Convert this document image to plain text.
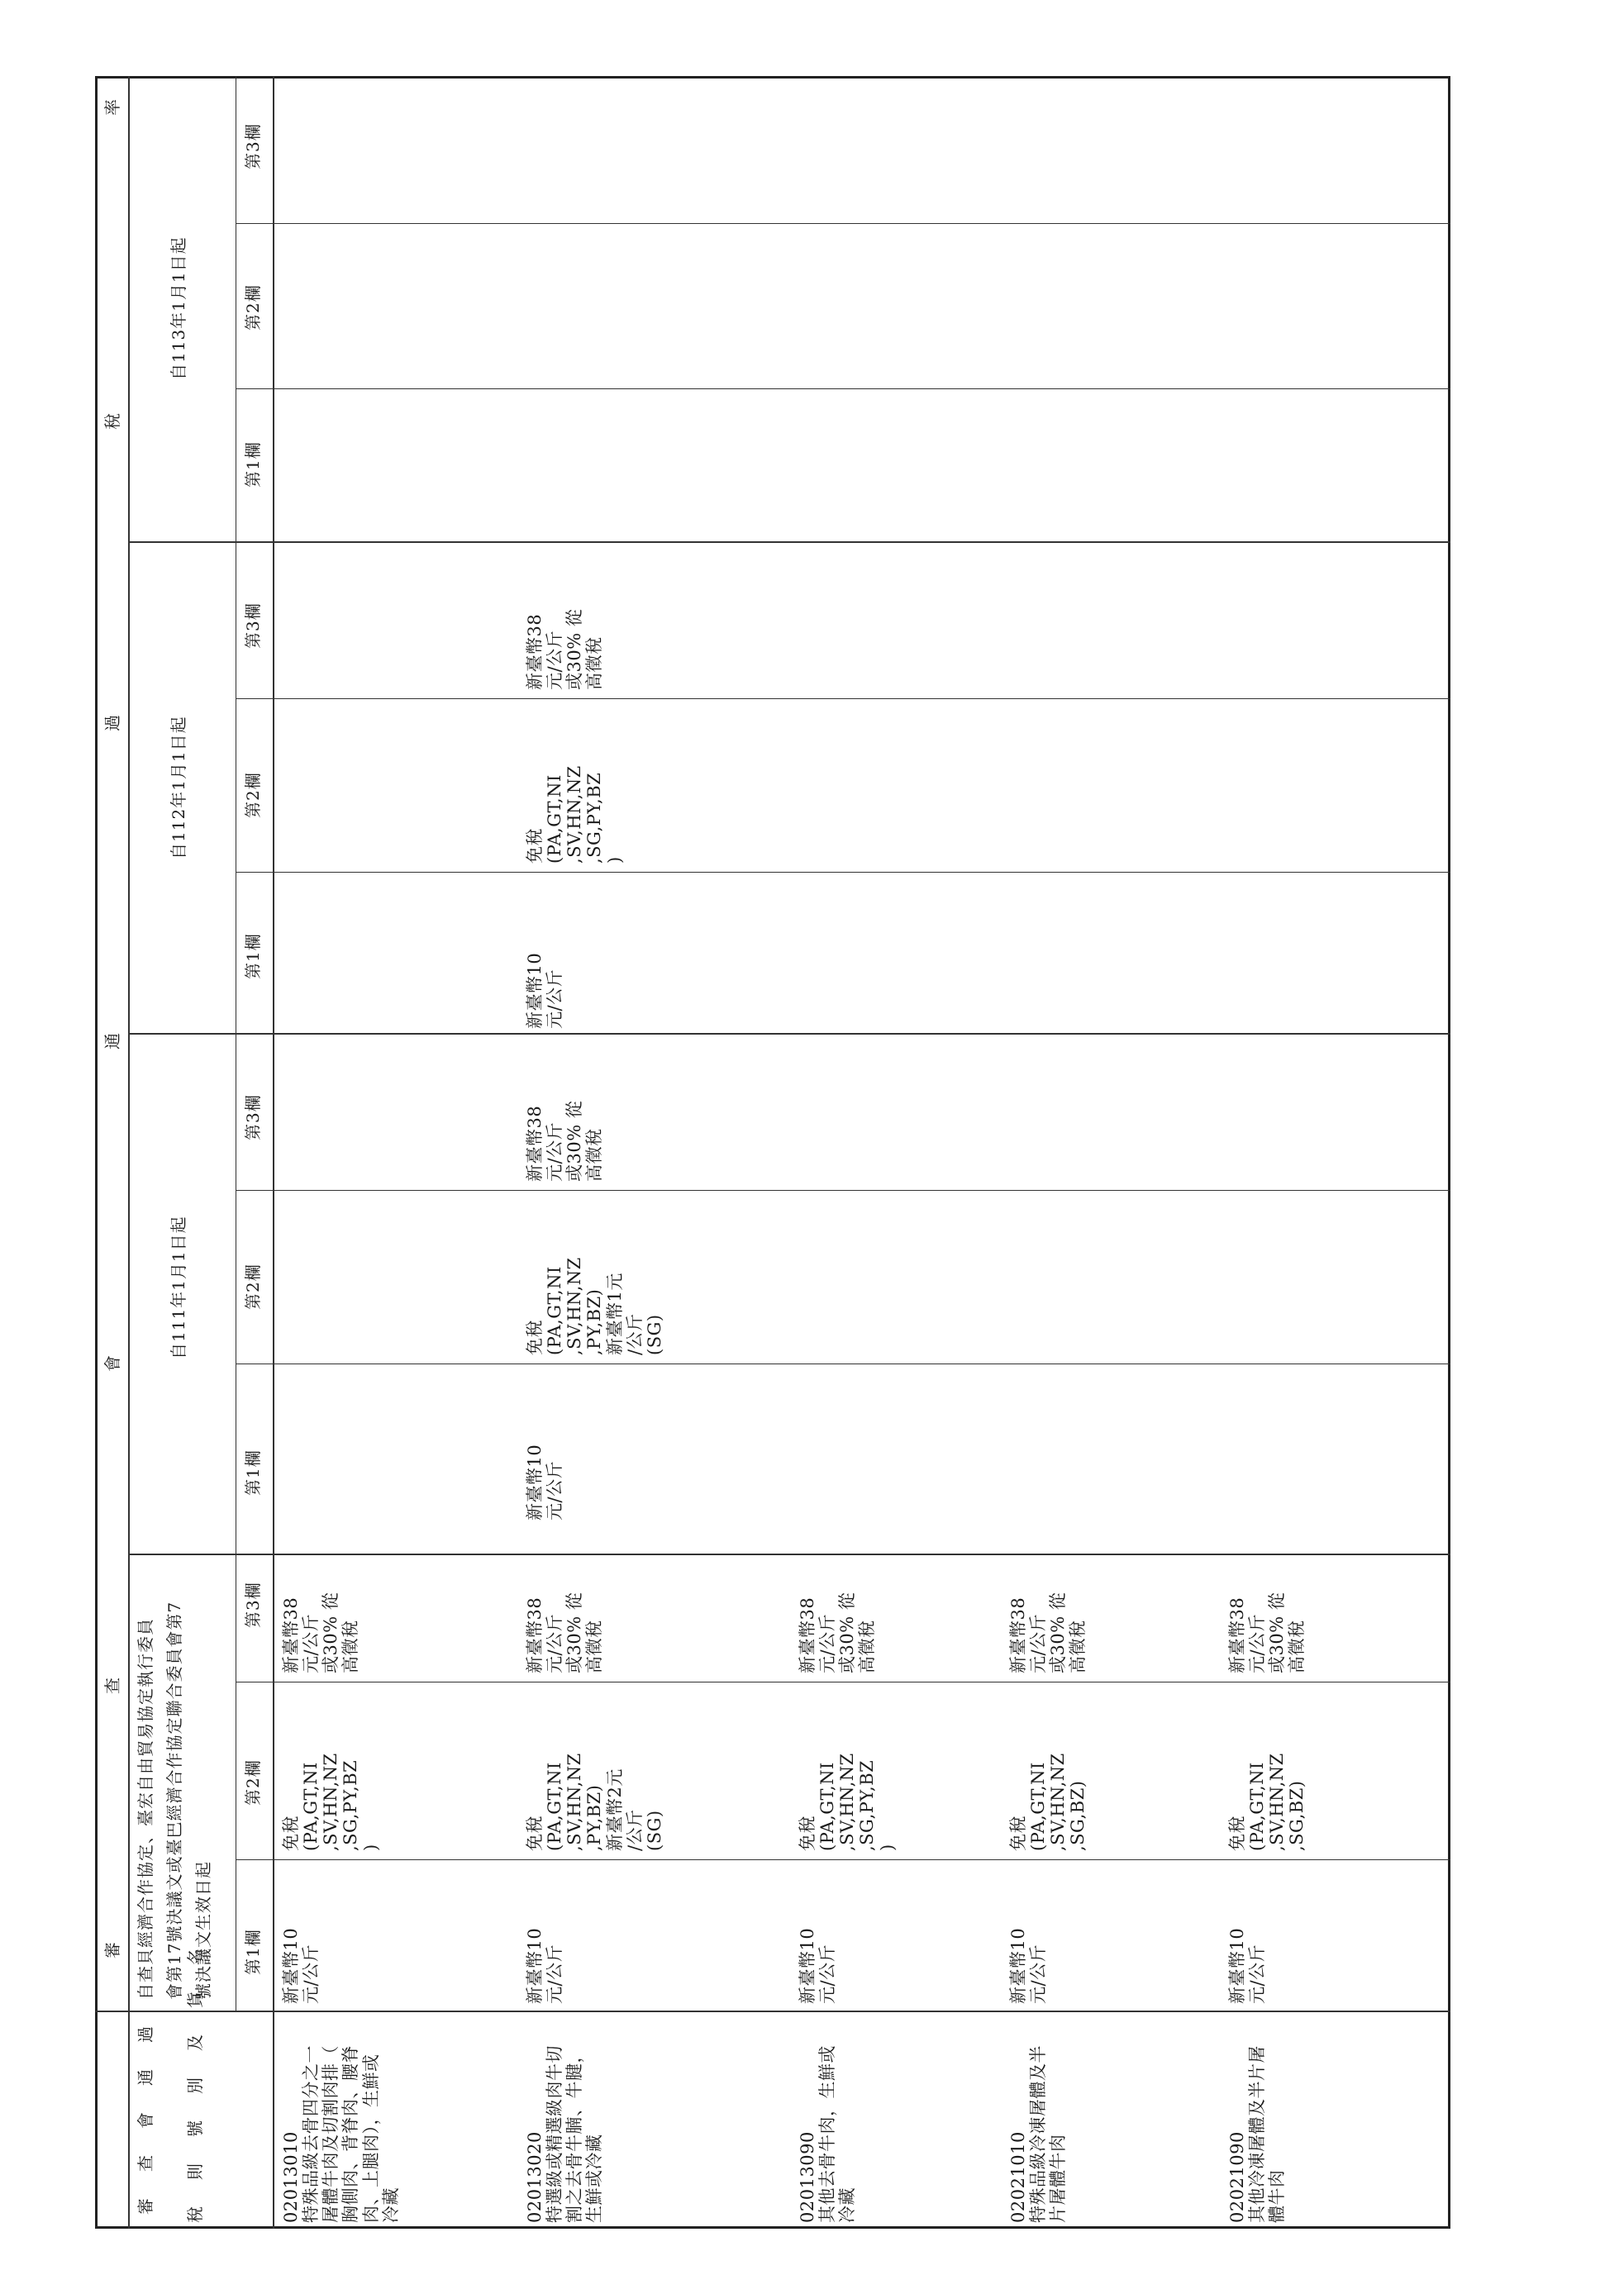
審
查
會
通
過
稅
率
審　查　會　通　過 稅　則　號　別　及　貨　名
自查貝經濟合作協定、臺宏自由貿易協定執行委員 會第17號決議文或臺巴經濟合作協定聯合委員會第7 號決議文生效日起
自111年1月1日起
自112年1月1日起
自113年1月1日起
第1欄
第2欄
第3欄
第1欄
第2欄
第3欄
第1欄
第2欄
第3欄
第1欄
第2欄
第3欄
02013010
特殊品級去骨四分之一
屠體牛肉及切割肉排（
胸側肉、背脊肉、腰脊
肉、上腿肉），生鮮或
冷藏
新臺幣10
元/公斤
免稅
(PA,GT,NI
,SV,HN,NZ
,SG,PY,BZ
)
新臺幣38
元/公斤
或30% 從
高徵稅
02013020
特選級或精選級肉牛切
割之去骨牛腩、牛腱，
生鮮或冷藏
新臺幣10
元/公斤
免稅
(PA,GT,NI
,SV,HN,NZ
,PY,BZ)
新臺幣2元
/公斤
(SG)
新臺幣38
元/公斤
或30% 從
高徵稅
新臺幣10
元/公斤
免稅
(PA,GT,NI
,SV,HN,NZ
,PY,BZ)
新臺幣1元
/公斤
(SG)
新臺幣38
元/公斤
或30% 從
高徵稅
新臺幣10
元/公斤
免稅
(PA,GT,NI
,SV,HN,NZ
,SG,PY,BZ
)
新臺幣38
元/公斤
或30% 從
高徵稅
02013090
其他去骨牛肉，生鮮或
冷藏
新臺幣10
元/公斤
免稅
(PA,GT,NI
,SV,HN,NZ
,SG,PY,BZ
)
新臺幣38
元/公斤
或30% 從
高徵稅
02021010
特殊品級冷凍屠體及半
片屠體牛肉
新臺幣10
元/公斤
免稅
(PA,GT,NI
,SV,HN,NZ
,SG,BZ)
新臺幣38
元/公斤
或30% 從
高徵稅
02021090
其他冷凍屠體及半片屠
體牛肉
新臺幣10
元/公斤
免稅
(PA,GT,NI
,SV,HN,NZ
,SG,BZ)
新臺幣38
元/公斤
或30% 從
高徵稅
